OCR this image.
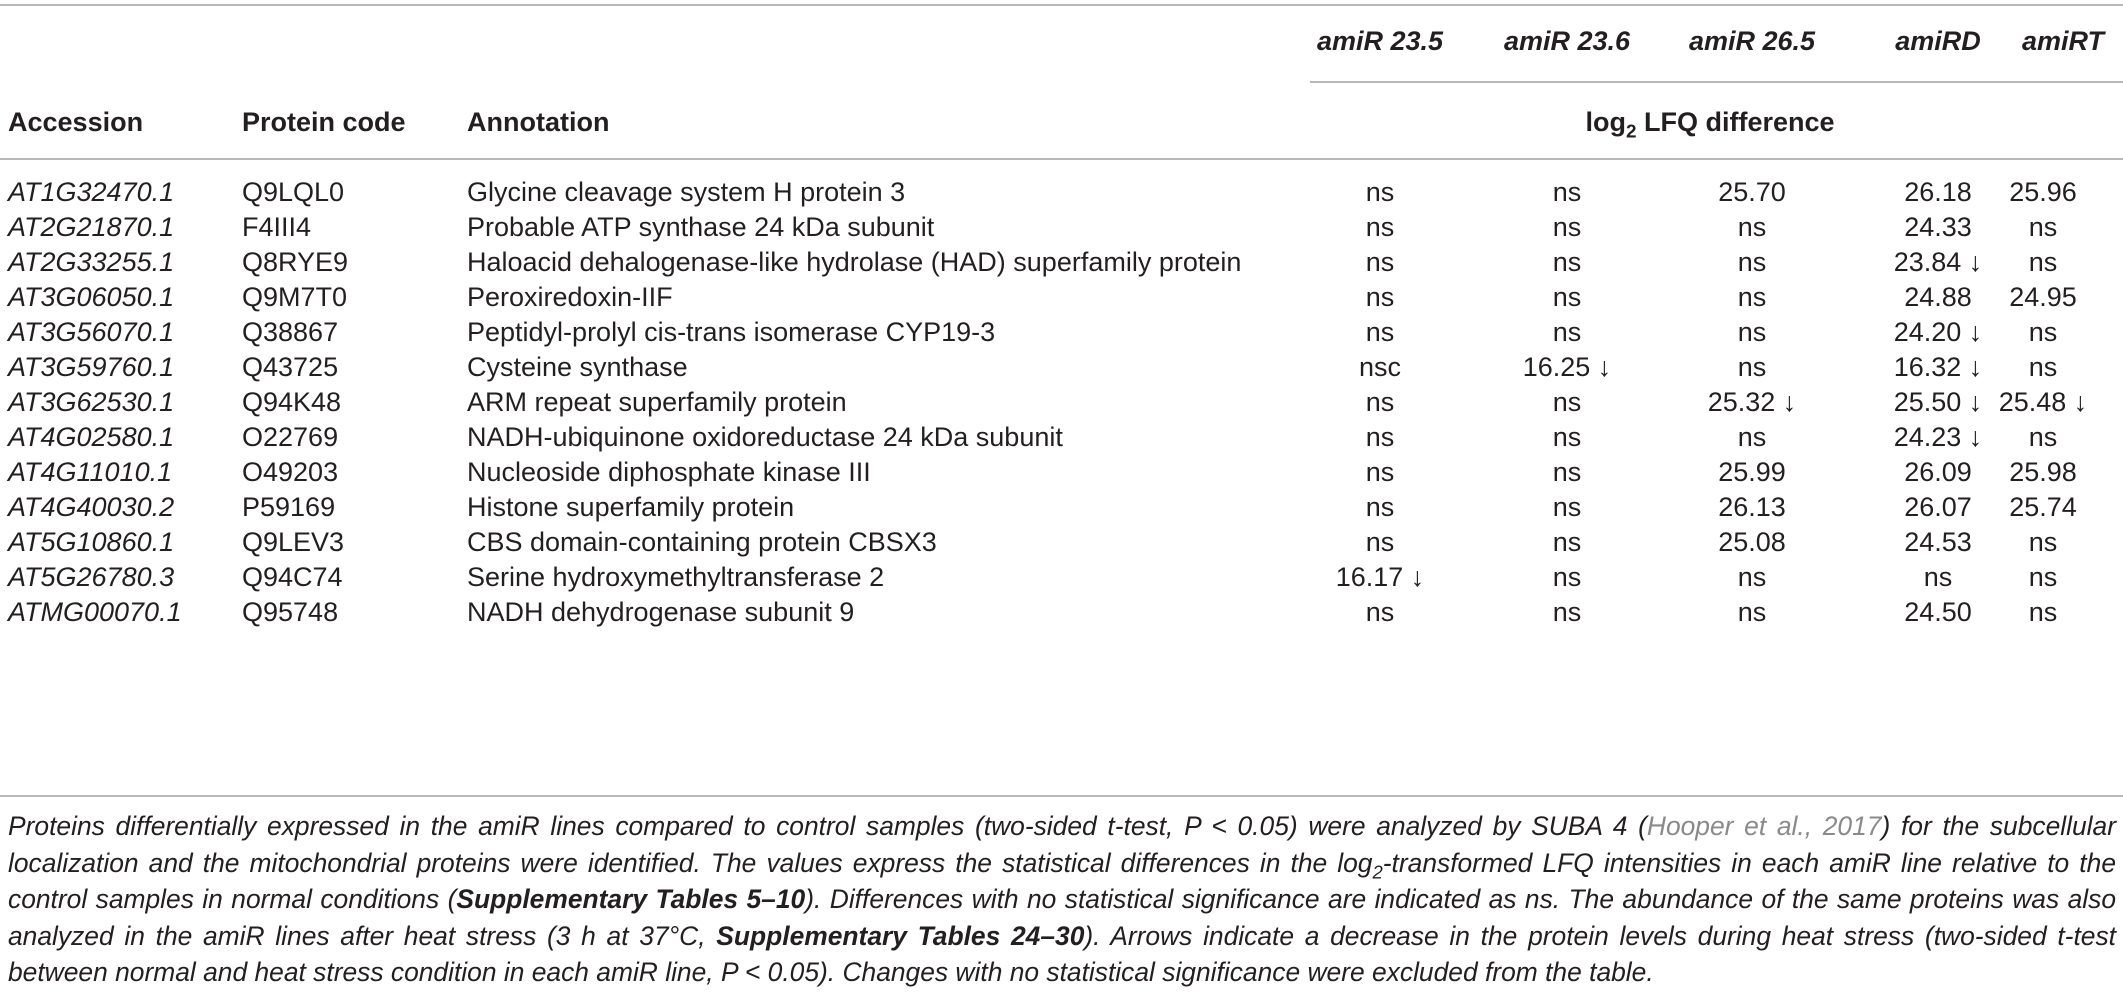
amiR 23.5	amiR 23.6	amiR 26.5	amiRD	amiRT
Accession	Protein code Annotation	$\log_2$ LFQ difference
AT1G32470.1	Q9LQL0	Glycine cleavage system H protein 3	ns	ns	25.70	26.18	25.96
AT2G21870.1	F4III4	Probable ATP synthase 24 kDa subunit	ns	ns	ns	24.33	ns
AT2G33255.1	Q8RYE9	Haloacid dehalogenase-like hydrolase (HAD) superfamily protein	ns	ns	ns	23.84 ↓	ns
AT3G06050.1	Q9M7T0	Peroxiredoxin-IIF	ns	ns	ns	24.88	24.95
AT3G56070.1	Q38867	Peptidyl-prolyl cis-trans isomerase CYP19-3	ns	ns	ns	24.20 ↓	ns
AT3G59760.1	Q43725	Cysteine synthase	nsc	16.25 ↓	ns	16.32 ↓	ns
AT3G62530.1	Q94K48	ARM repeat superfamily protein	ns	ns	25.32 ↓	25.50 ↓ 25.48 ↓
AT4G02580.1	O22769	NADH-ubiquinone oxidoreductase 24 kDa subunit	ns	ns	ns	24.23 ↓	ns
AT4G11010.1	O49203	Nucleoside diphosphate kinase III	ns	ns	25.99	26.09	25.98
AT4G40030.2	P59169	Histone superfamily protein	ns	ns	26.13	26.07	25.74
AT5G10860.1	Q9LEV3	CBS domain-containing protein CBSX3	ns	ns	25.08	24.53	ns
AT5G26780.3	Q94C74	Serine hydroxymethyltransferase 2	16.17 ↓	ns	ns	ns	ns
ATMG00070.1 Q95748	NADH dehydrogenase subunit 9	ns	ns	ns	24.50	ns
Proteins differentially expressed in the amiR lines compared to control samples (two-sided t-test, P < 0.05) were analyzed by SUBA 4 (Hooper et al., 2017) for the subcellular localization and the mitochondrial proteins were identified. The values express the statistical differences in the $\log_2$-transformed LFQ intensities in each amiR line relative to the control samples in normal conditions (Supplementary Tables 5–10). Differences with no statistical significance are indicated as ns. The abundance of the same proteins was also analyzed in the amiR lines after heat stress (3 h at 37°C, Supplementary Tables 24–30). Arrows indicate a decrease in the protein levels during heat stress (two-sided t-test between normal and heat stress condition in each amiR line, P < 0.05). Changes with no statistical significance were excluded from the table.
